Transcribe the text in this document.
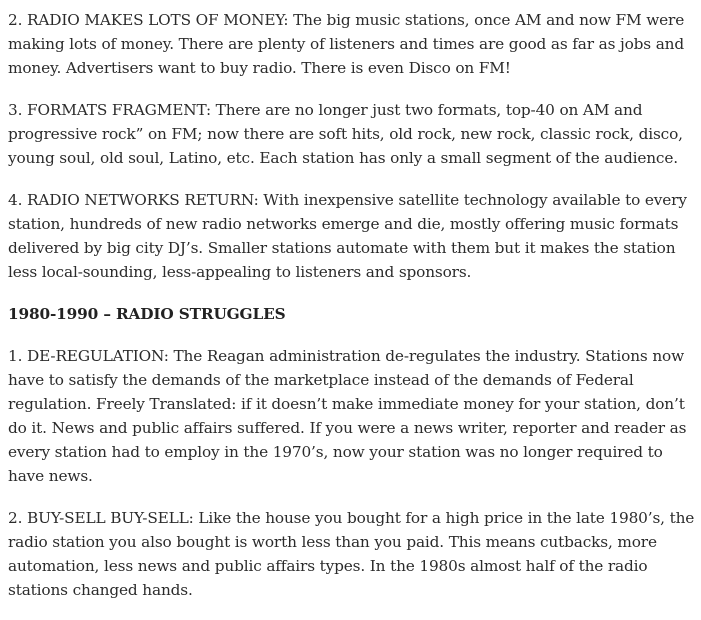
2. RADIO MAKES LOTS OF MONEY: The big music stations, once AM and now FM were making lots of money. There are plenty of listeners and times are good as far as jobs and money. Advertisers want to buy radio. There is even Disco on FM!

3. FORMATS FRAGMENT: There are no longer just two formats, top-40 on AM and progressive rock” on FM; now there are soft hits, old rock, new rock, classic rock, disco, young soul, old soul, Latino, etc. Each station has only a small segment of the audience.

4. RADIO NETWORKS RETURN: With inexpensive satellite technology available to every station, hundreds of new radio networks emerge and die, mostly offering music formats delivered by big city DJ’s. Smaller stations automate with them but it makes the station less local-sounding, less-appealing to listeners and sponsors.

1980-1990 – RADIO STRUGGLES

1. DE-REGULATION: The Reagan administration de-regulates the industry. Stations now have to satisfy the demands of the marketplace instead of the demands of Federal regulation. Freely Translated: if it doesn’t make immediate money for your station, don’t do it. News and public affairs suffered. If you were a news writer, reporter and reader as every station had to employ in the 1970’s, now your station was no longer required to have news.

2. BUY-SELL BUY-SELL: Like the house you bought for a high price in the late 1980’s, the radio station you also bought is worth less than you paid. This means cutbacks, more automation, less news and public affairs types. In the 1980s almost half of the radio stations changed hands.
